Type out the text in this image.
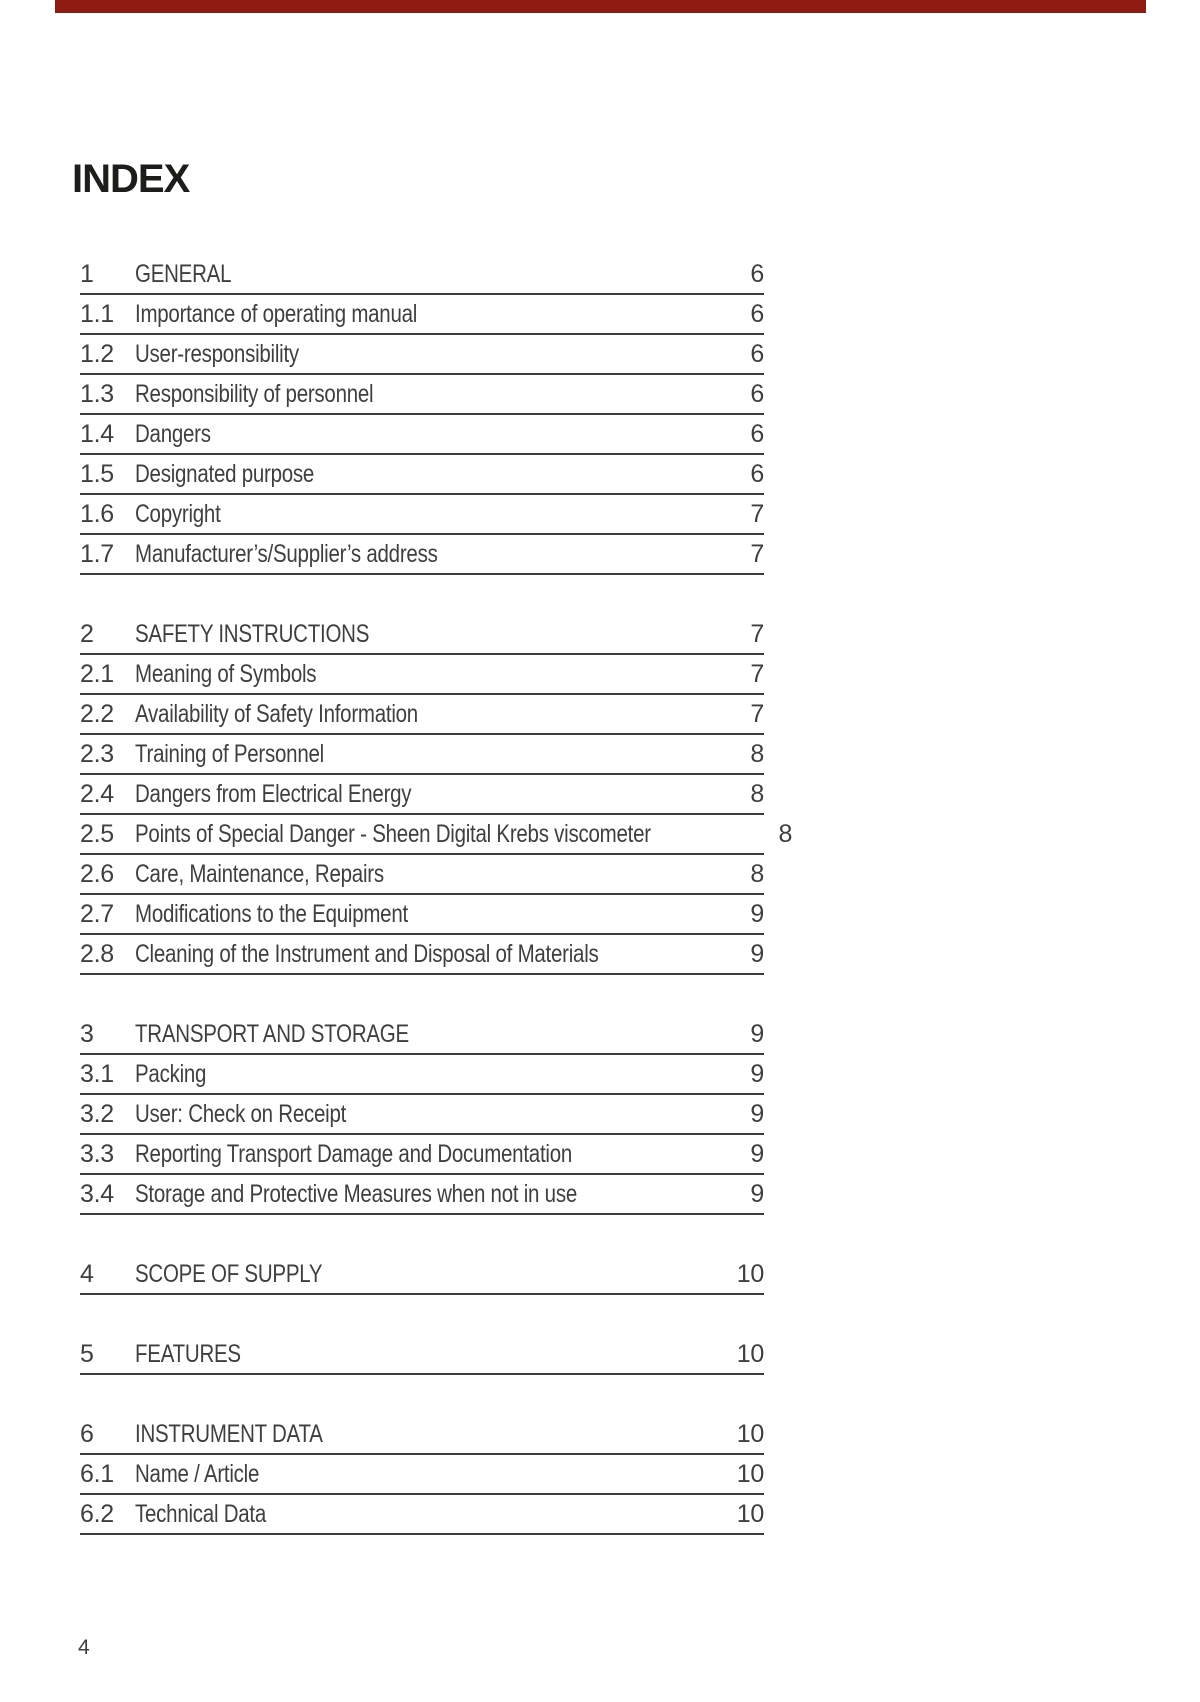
INDEX
1	GENERAL	6
1.1 Importance of operating manual	6
1.2 User-responsibility	6
1.3 Responsibility of personnel	6
1.4 Dangers	6
1.5 Designated purpose	6
1.6 Copyright	7
1.7 Manufacturer’s/Supplier’s address	7
2	SAFETY INSTRUCTIONS	7
2.1 Meaning of Symbols	7
2.2 Availability of Safety Information	7
2.3 Training of Personnel	8
2.4 Dangers from Electrical Energy	8
2.5 Points of Special Danger - Sheen Digital Krebs viscometer	8
2.6 Care, Maintenance, Repairs	8
2.7 Modifications to the Equipment	9
2.8 Cleaning of the Instrument and Disposal of Materials	9
3	TRANSPORT AND STORAGE	9
3.1 Packing	9
3.2 User: Check on Receipt	9
3.3 Reporting Transport Damage and Documentation	9
3.4 Storage and Protective Measures when not in use	9
4	SCOPE OF SUPPLY	10
5	FEATURES	10
6	INSTRUMENT DATA	10
6.1 Name / Article	10
6.2 Technical Data	10
4
